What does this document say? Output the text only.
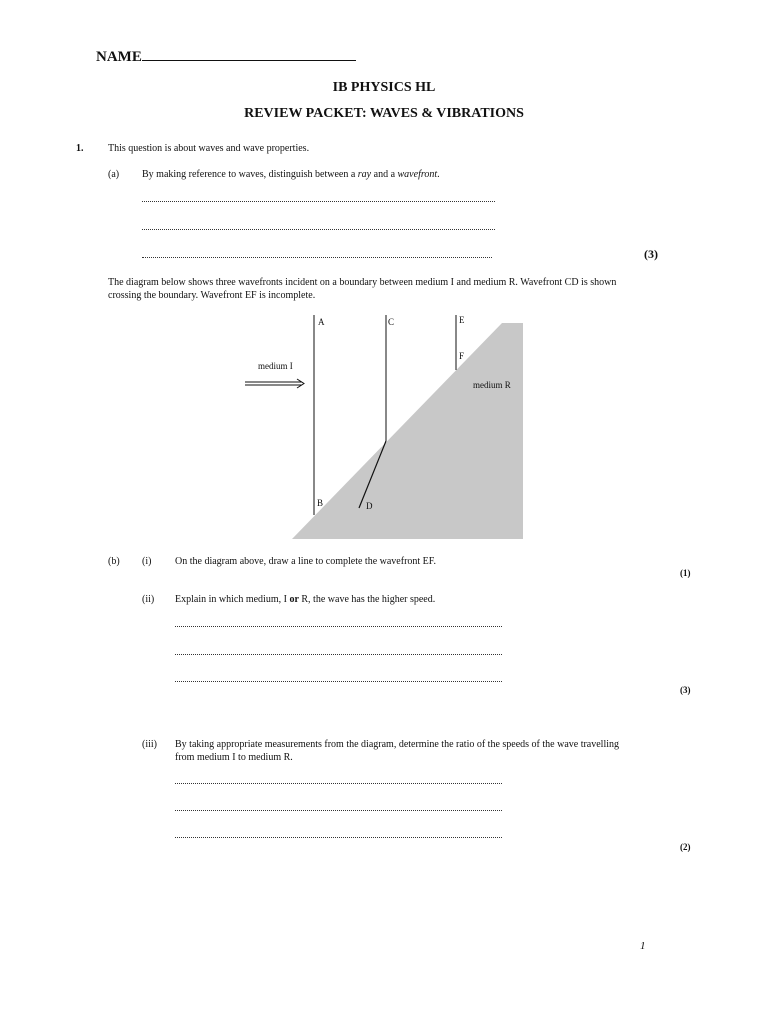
NAME
IB PHYSICS HL
REVIEW PACKET: WAVES & VIBRATIONS
1. This question is about waves and wave properties.
(a) By making reference to waves, distinguish between a ray and a wavefront.
(3)
The diagram below shows three wavefronts incident on a boundary between medium I and medium R. Wavefront CD is shown
crossing the boundary. Wavefront EF is incomplete.
A	C	E
F
B	D
medium I
medium R
(b) (i) On the diagram above, draw a line to complete the wavefront EF.
(1)
(ii) Explain in which medium, I or R, the wave has the higher speed.
(3)
(iii) By taking appropriate measurements from the diagram, determine the ratio of the speeds of the wave travelling
from medium I to medium R.
(2)
1
